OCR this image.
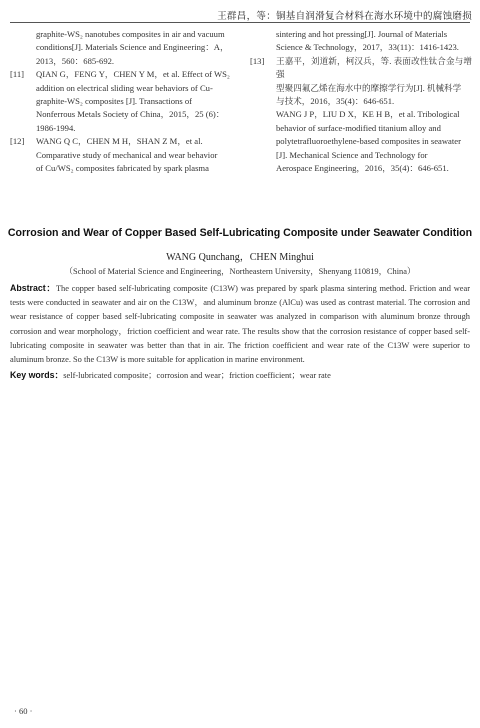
王群昌，等：铜基自润滑复合材料在海水环境中的腐蚀磨损
graphite-WS₂ nanotubes composites in air and vacuum
conditions[J]. Materials Science and Engineering：A，
2013，560：685-692.
[11]	QIAN G，FENG Y，CHEN Y M，et al. Effect of WS₂
addition on electrical sliding wear behaviors of Cu-
graphite-WS₂ composites [J]. Transactions of
Nonferrous Metals Society of China，2015，25 (6)：
1986-1994.
[12]	WANG Q C，CHEN M H，SHAN Z M，et al.
Comparative study of mechanical and wear behavior
of Cu/WS₂ composites fabricated by spark plasma
sintering and hot pressing[J]. Journal of Materials
Science & Technology，2017，33(11)：1416-1423.
[13]	王嘉平，刘道新，柯汉兵，等. 表面改性钛合金与增强
型聚四氟乙烯在海水中的摩擦学行为[J]. 机械科学
与技术，2016，35(4)：646-651.
WANG J P，LIU D X，KE H B，et al. Tribological
behavior of surface-modified titanium alloy and
polytetrafluoroethylene-based composites in seawater
[J]. Mechanical Science and Technology for
Aerospace Engineering，2016，35(4)：646-651.
Corrosion and Wear of Copper Based Self-Lubricating Composite under Seawater Condition
WANG Qunchang，CHEN Minghui
（School of Material Science and Engineering，Northeastern University，Shenyang 110819，China）
Abstract：The copper based self-lubricating composite (C13W) was prepared by spark plasma sintering method. Friction and wear tests were conducted in seawater and air on the C13W，and aluminum bronze (AlCu) was used as contrast material. The corrosion and wear resistance of copper based self-lubricating composite in seawater was analyzed in comparison with aluminum bronze through corrosion and wear morphology，friction coefficient and wear rate. The results show that the corrosion resistance of copper based self-lubricating composite in seawater was better than that in air. The friction coefficient and wear rate of the C13W were superior to aluminum bronze. So the C13W is more suitable for application in marine environment.
Key words：self-lubricated composite；corrosion and wear；friction coefficient；wear rate
· 60 ·
